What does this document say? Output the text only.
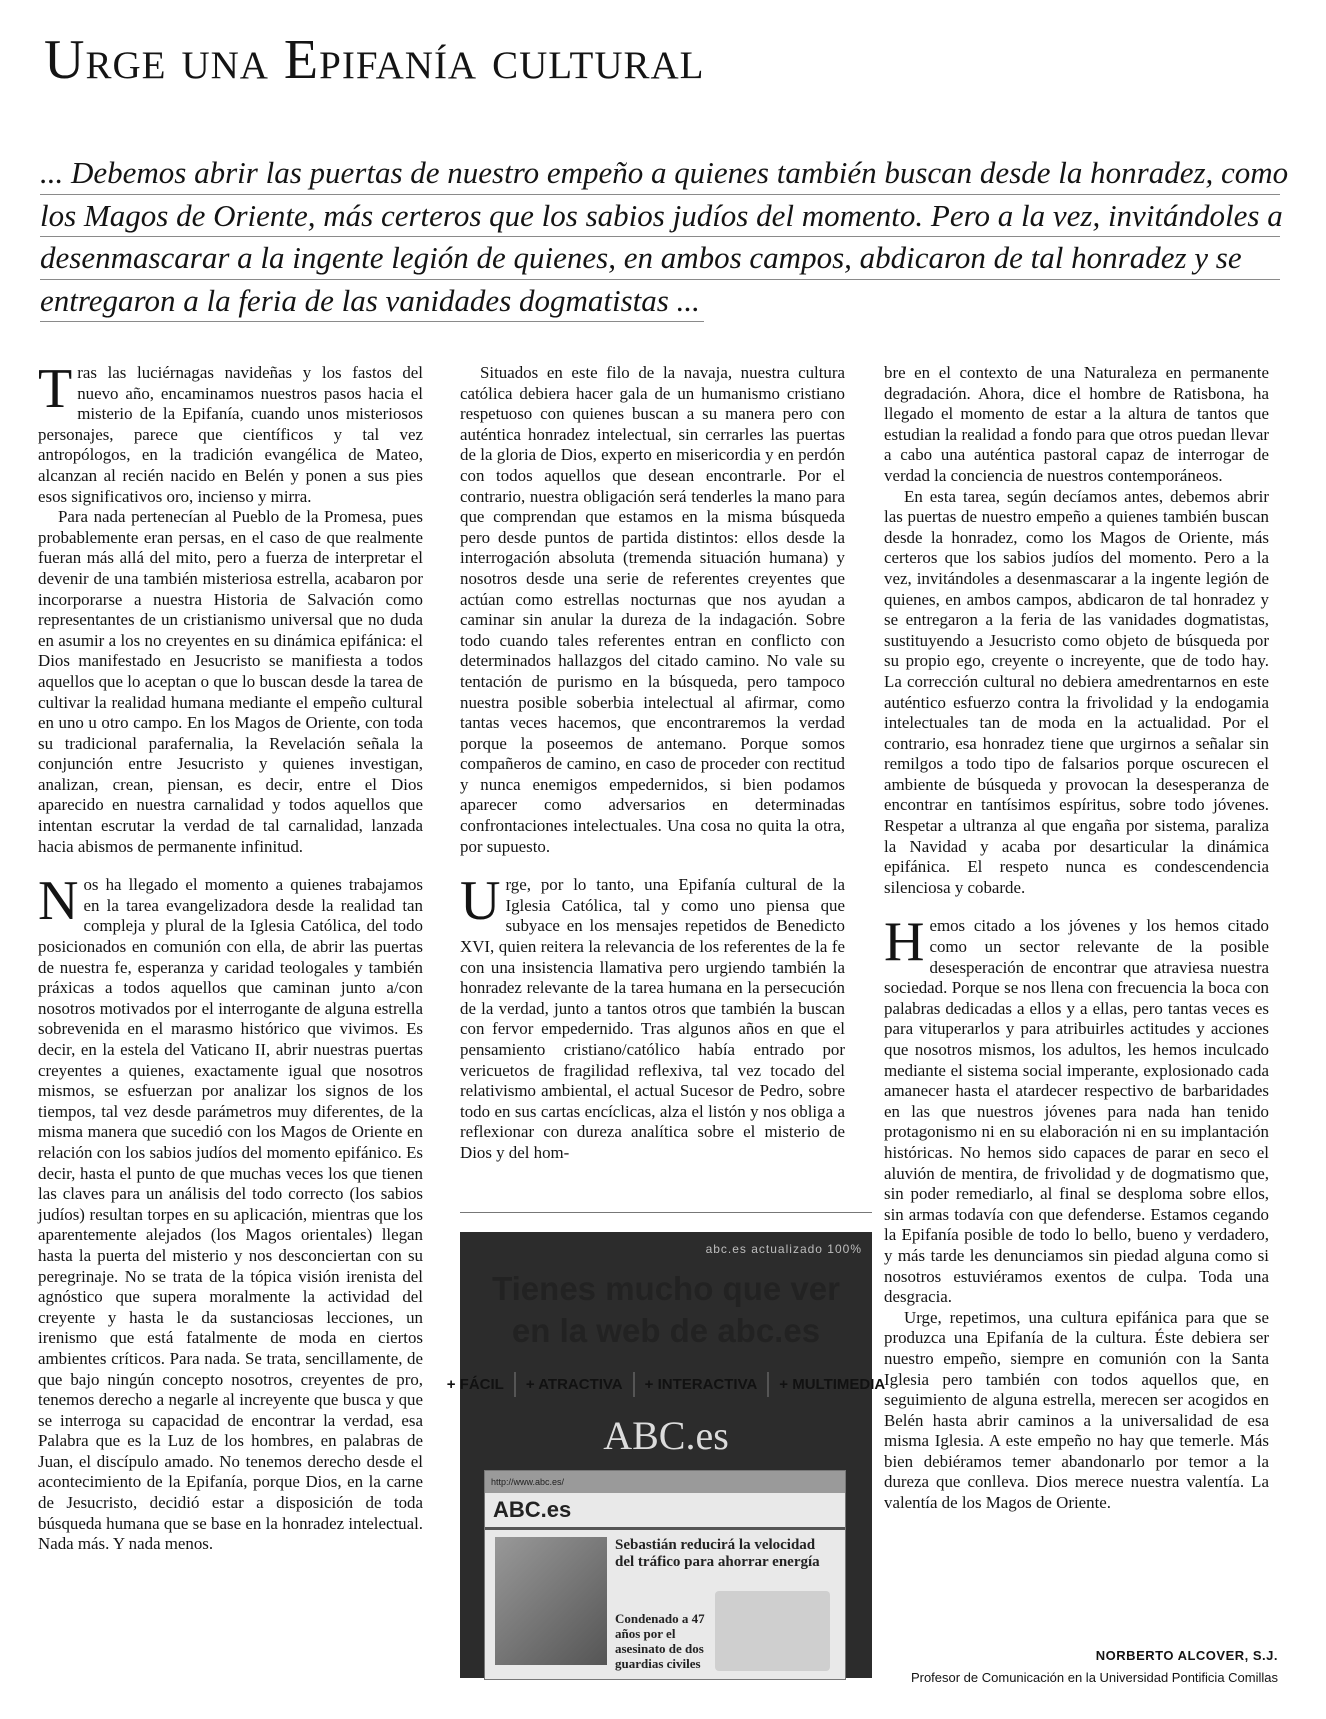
Urge una Epifanía cultural
... Debemos abrir las puertas de nuestro empeño a quienes también buscan desde la honradez, como
los Magos de Oriente, más certeros que los sabios judíos del momento. Pero a la vez, invitándoles a
desenmascarar a la ingente legión de quienes, en ambos campos, abdicaron de tal honradez y se
entregaron a la feria de las vanidades dogmatistas ...

Tras las luciérnagas navideñas y los fastos del nuevo año, encaminamos nuestros pasos hacia el misterio de la Epifanía, cuando unos misteriosos personajes, parece que científicos y tal vez antropólogos, en la tradición evangélica de Mateo, alcanzan al recién nacido en Belén y ponen a sus pies esos significativos oro, incienso y mirra.

Para nada pertenecían al Pueblo de la Promesa, pues probablemente eran persas, en el caso de que realmente fueran más allá del mito, pero a fuerza de interpretar el devenir de una también misteriosa estrella, acabaron por incorporarse a nuestra Historia de Salvación como representantes de un cristianismo universal que no duda en asumir a los no creyentes en su dinámica epifánica: el Dios manifestado en Jesucristo se manifiesta a todos aquellos que lo aceptan o que lo buscan desde la tarea de cultivar la realidad humana mediante el empeño cultural en uno u otro campo. En los Magos de Oriente, con toda su tradicional parafernalia, la Revelación señala la conjunción entre Jesucristo y quienes investigan, analizan, crean, piensan, es decir, entre el Dios aparecido en nuestra carnalidad y todos aquellos que intentan escrutar la verdad de tal carnalidad, lanzada hacia abismos de permanente infinitud.

Nos ha llegado el momento a quienes trabajamos en la tarea evangelizadora desde la realidad tan compleja y plural de la Iglesia Católica, del todo posicionados en comunión con ella, de abrir las puertas de nuestra fe, esperanza y caridad teologales y también práxicas a todos aquellos que caminan junto a/con nosotros motivados por el interrogante de alguna estrella sobrevenida en el marasmo histórico que vivimos. Es decir, en la estela del Vaticano II, abrir nuestras puertas creyentes a quienes, exactamente igual que nosotros mismos, se esfuerzan por analizar los signos de los tiempos, tal vez desde parámetros muy diferentes, de la misma manera que sucedió con los Magos de Oriente en relación con los sabios judíos del momento epifánico. Es decir, hasta el punto de que muchas veces los que tienen las claves para un análisis del todo correcto (los sabios judíos) resultan torpes en su aplicación, mientras que los aparentemente alejados (los Magos orientales) llegan hasta la puerta del misterio y nos desconciertan con su peregrinaje. No se trata de la tópica visión irenista del agnóstico que supera moralmente la actividad del creyente y hasta le da sustanciosas lecciones, un irenismo que está fatalmente de moda en ciertos ambientes críticos. Para nada. Se trata, sencillamente, de que bajo ningún concepto nosotros, creyentes de pro, tenemos derecho a negarle al increyente que busca y que se interroga su capacidad de encontrar la verdad, esa Palabra que es la Luz de los hombres, en palabras de Juan, el discípulo amado. No tenemos derecho desde el acontecimiento de la Epifanía, porque Dios, en la carne de Jesucristo, decidió estar a disposición de toda búsqueda humana que se base en la honradez intelectual. Nada más. Y nada menos.

Situados en este filo de la navaja, nuestra cultura católica debiera hacer gala de un humanismo cristiano respetuoso con quienes buscan a su manera pero con auténtica honradez intelectual, sin cerrarles las puertas de la gloria de Dios, experto en misericordia y en perdón con todos aquellos que desean encontrarle. Por el contrario, nuestra obligación será tenderles la mano para que comprendan que estamos en la misma búsqueda pero desde puntos de partida distintos: ellos desde la interrogación absoluta (tremenda situación humana) y nosotros desde una serie de referentes creyentes que actúan como estrellas nocturnas que nos ayudan a caminar sin anular la dureza de la indagación. Sobre todo cuando tales referentes entran en conflicto con determinados hallazgos del citado camino. No vale su tentación de purismo en la búsqueda, pero tampoco nuestra posible soberbia intelectual al afirmar, como tantas veces hacemos, que encontraremos la verdad porque la poseemos de antemano. Porque somos compañeros de camino, en caso de proceder con rectitud y nunca enemigos empedernidos, si bien podamos aparecer como adversarios en determinadas confrontaciones intelectuales. Una cosa no quita la otra, por supuesto.

Urge, por lo tanto, una Epifanía cultural de la Iglesia Católica, tal y como uno piensa que subyace en los mensajes repetidos de Benedicto XVI, quien reitera la relevancia de los referentes de la fe con una insistencia llamativa pero urgiendo también la honradez relevante de la tarea humana en la persecución de la verdad, junto a tantos otros que también la buscan con fervor empedernido. Tras algunos años en que el pensamiento cristiano/católico había entrado por vericuetos de fragilidad reflexiva, tal vez tocado del relativismo ambiental, el actual Sucesor de Pedro, sobre todo en sus cartas encíclicas, alza el listón y nos obliga a reflexionar con dureza analítica sobre el misterio de Dios y del hom-

bre en el contexto de una Naturaleza en permanente degradación. Ahora, dice el hombre de Ratisbona, ha llegado el momento de estar a la altura de tantos que estudian la realidad a fondo para que otros puedan llevar a cabo una auténtica pastoral capaz de interrogar de verdad la conciencia de nuestros contemporáneos.

En esta tarea, según decíamos antes, debemos abrir las puertas de nuestro empeño a quienes también buscan desde la honradez, como los Magos de Oriente, más certeros que los sabios judíos del momento. Pero a la vez, invitándoles a desenmascarar a la ingente legión de quienes, en ambos campos, abdicaron de tal honradez y se entregaron a la feria de las vanidades dogmatistas, sustituyendo a Jesucristo como objeto de búsqueda por su propio ego, creyente o increyente, que de todo hay. La corrección cultural no debiera amedrentarnos en este auténtico esfuerzo contra la frivolidad y la endogamia intelectuales tan de moda en la actualidad. Por el contrario, esa honradez tiene que urgirnos a señalar sin remilgos a todo tipo de falsarios porque oscurecen el ambiente de búsqueda y provocan la desesperanza de encontrar en tantísimos espíritus, sobre todo jóvenes. Respetar a ultranza al que engaña por sistema, paraliza la Navidad y acaba por desarticular la dinámica epifánica. El respeto nunca es condescendencia silenciosa y cobarde.

Hemos citado a los jóvenes y los hemos citado como un sector relevante de la posible desesperación de encontrar que atraviesa nuestra sociedad. Porque se nos llena con frecuencia la boca con palabras dedicadas a ellos y a ellas, pero tantas veces es para vituperarlos y para atribuirles actitudes y acciones que nosotros mismos, los adultos, les hemos inculcado mediante el sistema social imperante, explosionado cada amanecer hasta el atardecer respectivo de barbaridades en las que nuestros jóvenes para nada han tenido protagonismo ni en su elaboración ni en su implantación históricas. No hemos sido capaces de parar en seco el aluvión de mentira, de frivolidad y de dogmatismo que, sin poder remediarlo, al final se desploma sobre ellos, sin armas todavía con que defenderse. Estamos cegando la Epifanía posible de todo lo bello, bueno y verdadero, y más tarde les denunciamos sin piedad alguna como si nosotros estuviéramos exentos de culpa. Toda una desgracia.

Urge, repetimos, una cultura epifánica para que se produzca una Epifanía de la cultura. Éste debiera ser nuestro empeño, siempre en comunión con la Santa Iglesia pero también con todos aquellos que, en seguimiento de alguna estrella, merecen ser acogidos en Belén hasta abrir caminos a la universalidad de esa misma Iglesia. A este empeño no hay que temerle. Más bien debiéramos temer abandonarlo por temor a la dureza que conlleva. Dios merece nuestra valentía. La valentía de los Magos de Oriente.

abc.es actualizado 100%
Tienes mucho que ver
en la web de abc.es
+ FÁCIL	+ ATRACTIVA	+ INTERACTIVA	+ MULTIMEDIA
ABC.es
http://www.abc.es/
ABC.es
Sebastián reducirá la velocidad del tráfico para ahorrar energía
Condenado a 47 años por el asesinato de dos guardias civiles
NORBERTO ALCOVER, S.J.
Profesor de Comunicación en la Universidad Pontificia Comillas
